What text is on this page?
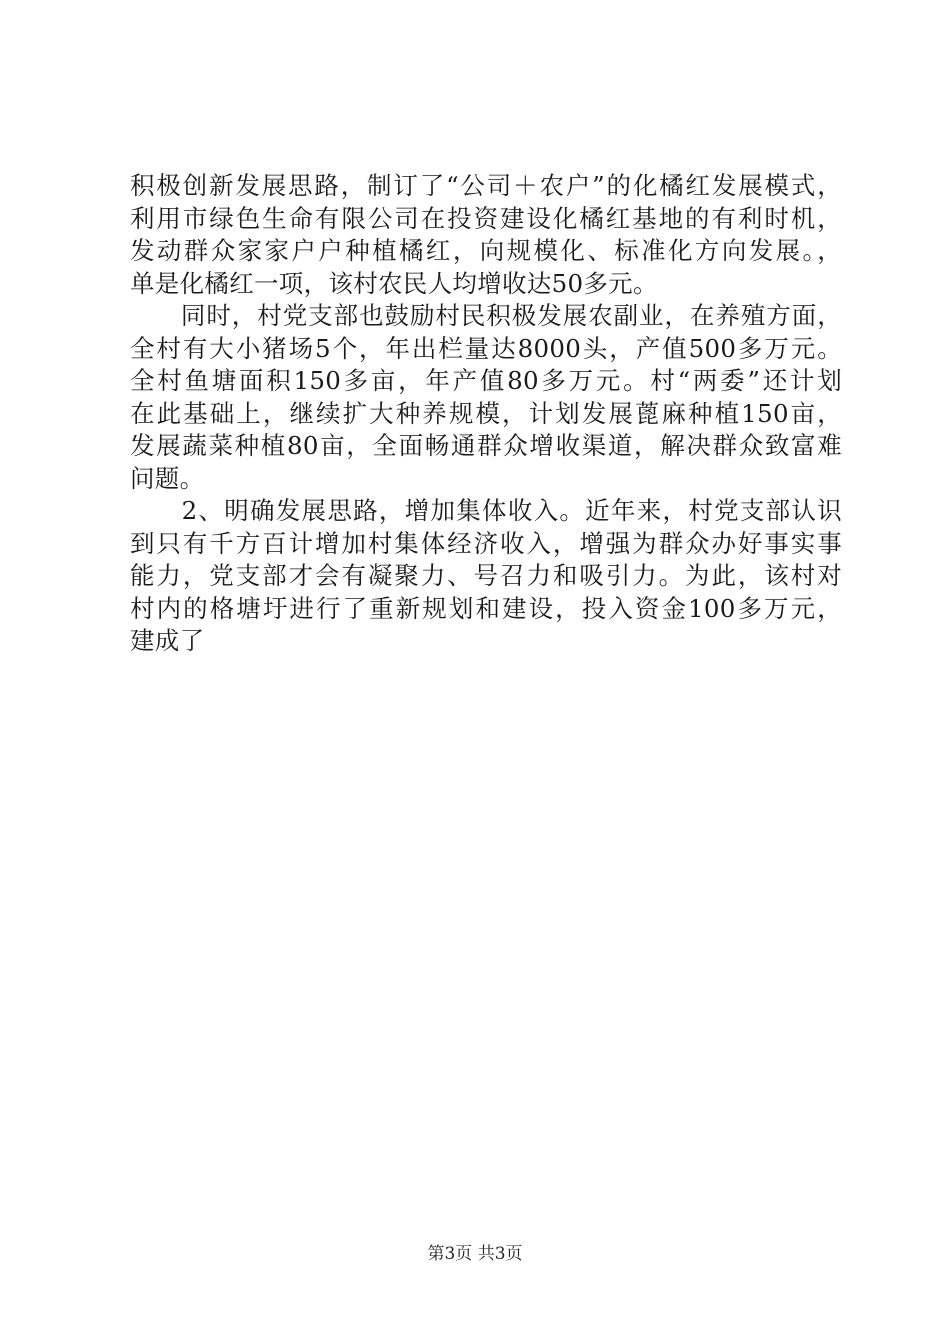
积极创新发展思路，制订了“公司＋农户”的化橘红发展模式，
利用市绿色生命有限公司在投资建设化橘红基地的有利时机，
发动群众家家户户种植橘红，向规模化、标准化方向发展。，
单是化橘红一项，该村农民人均增收达50多元。
　　同时，村党支部也鼓励村民积极发展农副业，在养殖方面，
全村有大小猪场5个，年出栏量达8000头，产值500多万元。
全村鱼塘面积150多亩，年产值80多万元。村“两委”还计划
在此基础上，继续扩大种养规模，计划发展蓖麻种植150亩，
发展蔬菜种植80亩，全面畅通群众增收渠道，解决群众致富难
问题。
　　2、明确发展思路，增加集体收入。近年来，村党支部认识
到只有千方百计增加村集体经济收入，增强为群众办好事实事
能力，党支部才会有凝聚力、号召力和吸引力。为此，该村对
村内的格塘圩进行了重新规划和建设，投入资金100多万元，
建成了
第3页 共3页
